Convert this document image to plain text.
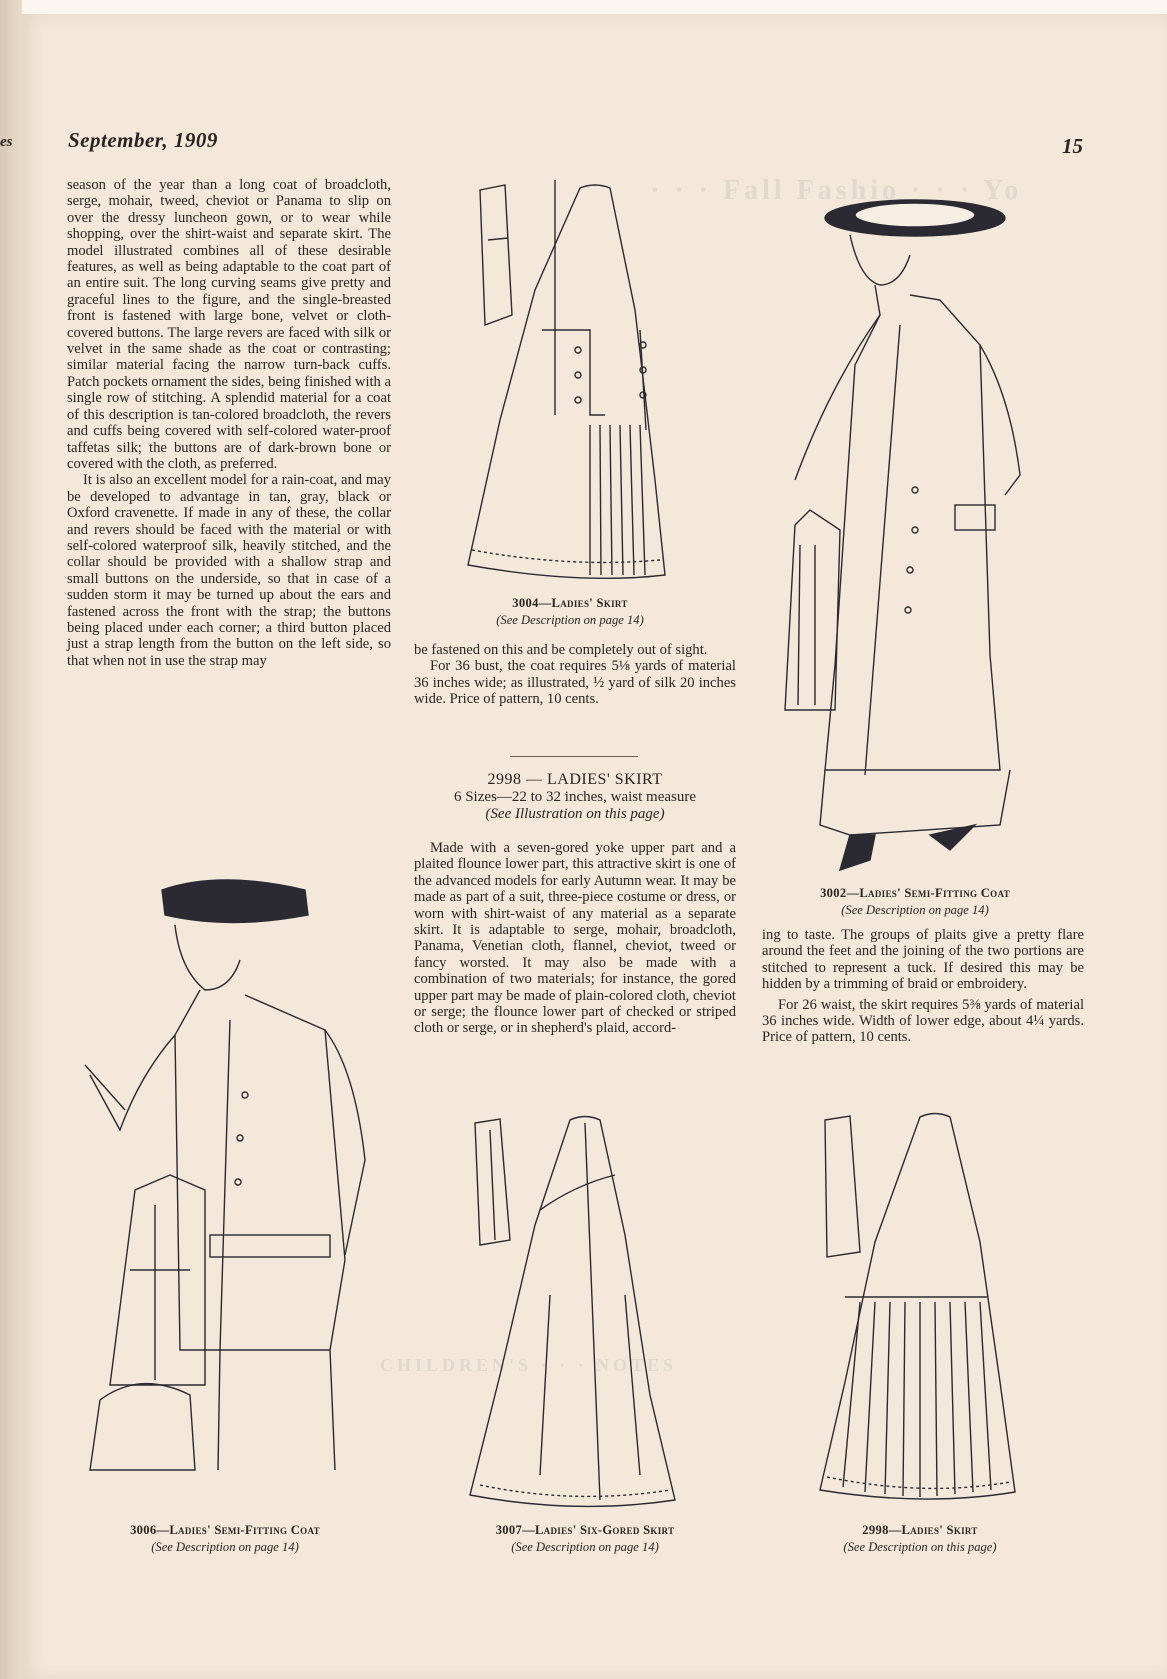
es	September, 1909	15

season of the year than a long coat of broadcloth, serge, mohair, tweed, cheviot or Panama to slip on over the dressy luncheon gown, or to wear while shopping, over the shirt-waist and separate skirt. The model illustrated combines all of these desirable features, as well as being adaptable to the coat part of an entire suit. The long curving seams give pretty and graceful lines to the figure, and the single-breasted front is fastened with large bone, velvet or cloth-covered buttons. The large revers are faced with silk or velvet in the same shade as the coat or contrasting; similar material facing the narrow turn-back cuffs. Patch pockets ornament the sides, being finished with a single row of stitching. A splendid material for a coat of this description is tan-colored broadcloth, the revers and cuffs being covered with self-colored water-proof taffetas silk; the buttons are of dark-brown bone or covered with the cloth, as preferred.

It is also an excellent model for a rain-coat, and may be developed to advantage in tan, gray, black or Oxford cravenette. If made in any of these, the collar and revers should be faced with the material or with self-colored waterproof silk, heavily stitched, and the collar should be provided with a shallow strap and small buttons on the underside, so that in case of a sudden storm it may be turned up about the ears and fastened across the front with the strap; the buttons being placed under each corner; a third button placed just a strap length from the button on the left side, so that when not in use the strap may

be fastened on this and be completely out of sight.

For 36 bust, the coat requires 5⅛ yards of material 36 inches wide; as illustrated, ½ yard of silk 20 inches wide. Price of pattern, 10 cents.

2998 — LADIES' SKIRT
6 Sizes—22 to 32 inches, waist measure
(See Illustration on this page)

Made with a seven-gored yoke upper part and a plaited flounce lower part, this attractive skirt is one of the advanced models for early Autumn wear. It may be made as part of a suit, three-piece costume or dress, or worn with shirt-waist of any material as a separate skirt. It is adaptable to serge, mohair, broadcloth, Panama, Venetian cloth, flannel, cheviot, tweed or fancy worsted. It may also be made with a combination of two materials; for instance, the gored upper part may be made of plain-colored cloth, cheviot or serge; the flounce lower part of checked or striped cloth or serge, or in shepherd's plaid, accord-

ing to taste. The groups of plaits give a pretty flare around the feet and the joining of the two portions are stitched to represent a tuck. If desired this may be hidden by a trimming of braid or embroidery.

For 26 waist, the skirt requires 5⅜ yards of material 36 inches wide. Width of lower edge, about 4¼ yards. Price of pattern, 10 cents.

3004—Ladies' Skirt
(See Description on page 14)
3002—Ladies' Semi-Fitting Coat
(See Description on page 14)
3006—Ladies' Semi-Fitting Coat
(See Description on page 14)
3007—Ladies' Six-Gored Skirt
(See Description on page 14)
2998—Ladies' Skirt
(See Description on this page)
